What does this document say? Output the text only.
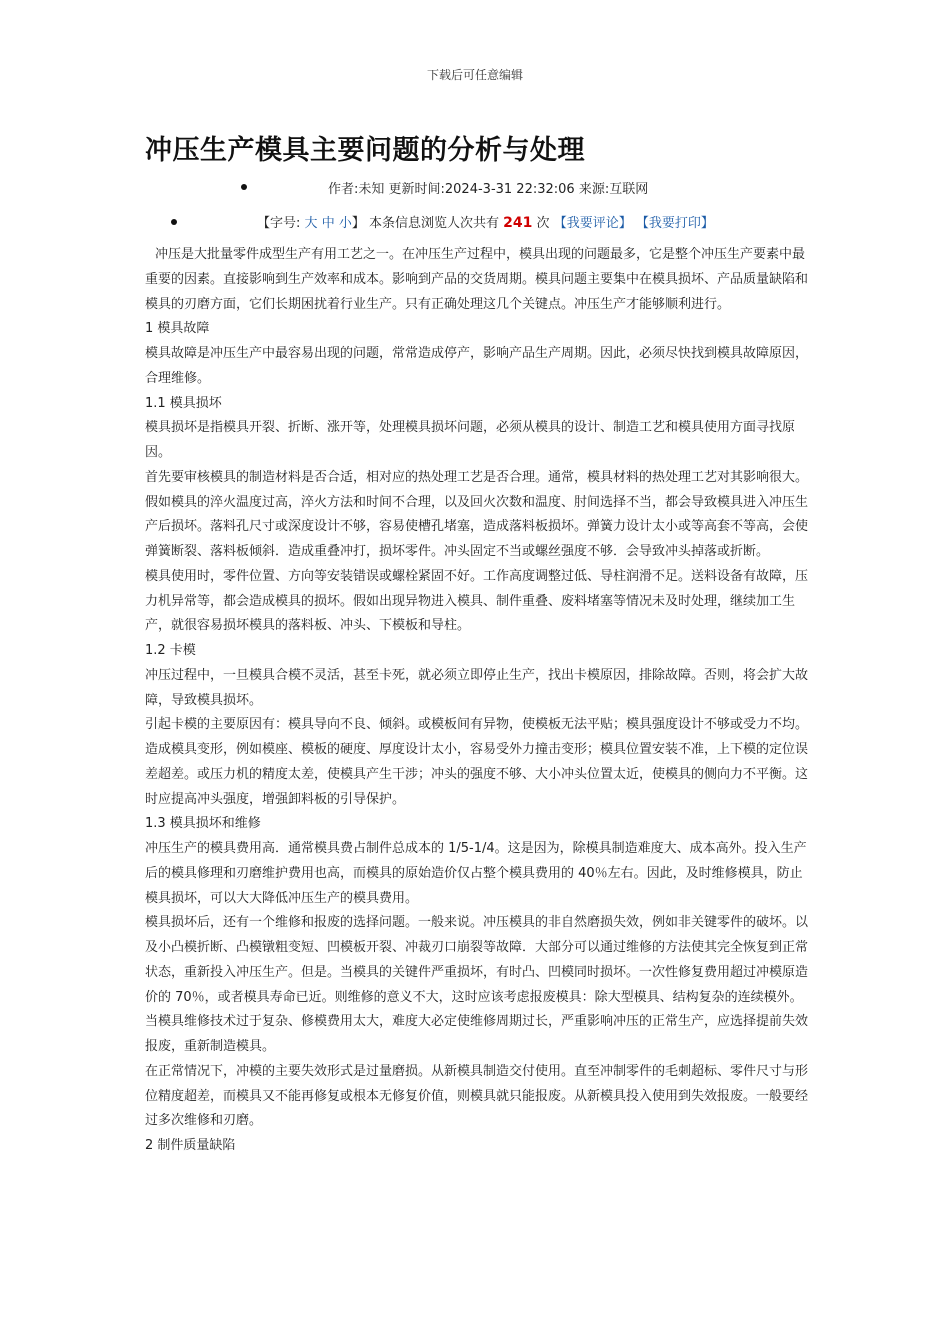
下载后可任意编辑
冲压生产模具主要问题的分析与处理
作者:未知 更新时间:2024-3-31 22:32:06 来源:互联网
【字号: 大 中 小】 本条信息浏览人次共有 241 次 【我要评论】 【我要打印】

冲压是大批量零件成型生产有用工艺之一。在冲压生产过程中，模具出现的问题最多，它是整个冲压生产要素中最重要的因素。直接影响到生产效率和成本。影响到产品的交货周期。模具问题主要集中在模具损坏、产品质量缺陷和模具的刃磨方面，它们长期困扰着行业生产。只有正确处理这几个关键点。冲压生产才能够顺利进行。

1 模具故障

模具故障是冲压生产中最容易出现的问题，常常造成停产，影响产品生产周期。因此，必须尽快找到模具故障原因，合理维修。

1.1 模具损坏

模具损坏是指模具开裂、折断、涨开等，处理模具损坏问题，必须从模具的设计、制造工艺和模具使用方面寻找原因。

首先要审核模具的制造材料是否合适，相对应的热处理工艺是否合理。通常，模具材料的热处理工艺对其影响很大。假如模具的淬火温度过高，淬火方法和时间不合理，以及回火次数和温度、肘间选择不当，都会导致模具进入冲压生产后损坏。落料孔尺寸或深度设计不够，容易使槽孔堵塞，造成落料板损坏。弹簧力设计太小或等高套不等高，会使弹簧断裂、落料板倾斜．造成重叠冲打，损坏零件。冲头固定不当或螺丝强度不够．会导致冲头掉落或折断。

模具使用时，零件位置、方向等安装错误或螺栓紧固不好。工作高度调整过低、导柱润滑不足。送料设备有故障，压力机异常等，都会造成模具的损坏。假如出现异物进入模具、制件重叠、废料堵塞等情况未及时处理，继续加工生产，就很容易损坏模具的落料板、冲头、下模板和导柱。

1.2 卡模

冲压过程中，一旦模具合模不灵活，甚至卡死，就必须立即停止生产，找出卡模原因，排除故障。否则，将会扩大故障，导致模具损坏。

引起卡模的主要原因有：模具导向不良、倾斜。或模板间有异物，使模板无法平贴；模具强度设计不够或受力不均。造成模具变形，例如模座、模板的硬度、厚度设计太小，容易受外力撞击变形；模具位置安装不准，上下模的定位误差超差。或压力机的精度太差，使模具产生干涉；冲头的强度不够、大小冲头位置太近，使模具的侧向力不平衡。这时应提高冲头强度，增强卸料板的引导保护。

1.3 模具损坏和维修

冲压生产的模具费用高．通常模具费占制件总成本的 1/5-1/4。这是因为，除模具制造难度大、成本高外。投入生产后的模具修理和刃磨维护费用也高，而模具的原始造价仅占整个模具费用的 40％左右。因此，及时维修模具，防止模具损坏，可以大大降低冲压生产的模具费用。

模具损坏后，还有一个维修和报废的选择问题。一般来说。冲压模具的非自然磨损失效，例如非关键零件的破坏。以及小凸模折断、凸模镦粗变短、凹模板开裂、冲裁刃口崩裂等故障．大部分可以通过维修的方法使其完全恢复到正常状态，重新投入冲压生产。但是。当模具的关键件严重损坏，有时凸、凹模同时损坏。一次性修复费用超过冲模原造价的 70％，或者模具寿命已近。则维修的意义不大，这时应该考虑报废模具：除大型模具、结构复杂的连续模外。当模具维修技术过于复杂、修模费用太大，难度大必定使维修周期过长，严重影响冲压的正常生产，应选择提前失效报废，重新制造模具。

在正常情况下，冲模的主要失效形式是过量磨损。从新模具制造交付使用。直至冲制零件的毛刺超标、零件尺寸与形位精度超差，而模具又不能再修复或根本无修复价值，则模具就只能报废。从新模具投入使用到失效报废。一般要经过多次维修和刃磨。

2 制件质量缺陷
